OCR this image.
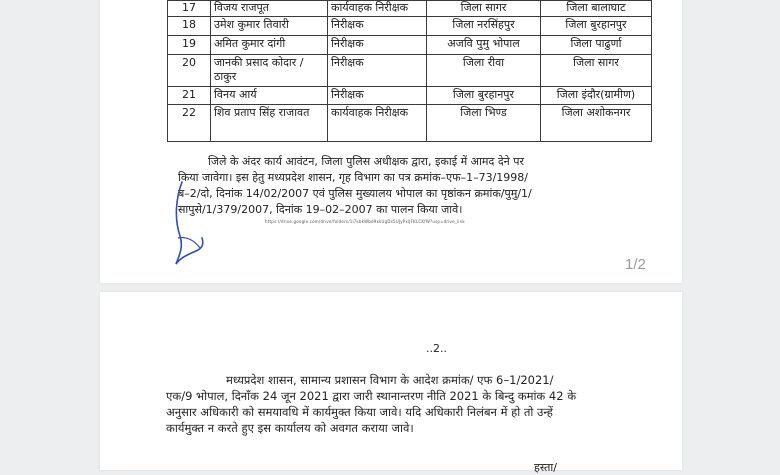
17	विजय राजपूत	कार्यवाहक निरीक्षक	जिला सागर	जिला बालाघाट
18	उमेश कुमार तिवारी	निरीक्षक	जिला नरसिंहपुर	जिला बुरहानपुर
19	अमित कुमार दांगी	निरीक्षक	अजवि पुमु भोपाल	जिला पाढुर्णा
20	जानकी प्रसाद कोदार / ठाकुर	निरीक्षक	जिला रीवा	जिला सागर
21	विनय आर्य	निरीक्षक	जिला बुरहानपुर	जिला इंदौर(ग्रामीण)
22	शिव प्रताप सिंह राजावत	कार्यवाहक निरीक्षक	जिला भिण्ड	जिला अशोकनगर

जिले के अंदर कार्य आवंटन, जिला पुलिस अधीक्षक द्वारा, इकाई में आमद देने पर

किया जावेगा। इस हेतु मध्यप्रदेश शासन, गृह विभाग का पत्र क्रमांक–एफ–1–73/1998/

ब–2/दो, दिनांक 14/02/2007 एवं पुलिस मुख्यालय भोपाल का पृष्ठांकन क्रमांक/पुमु/1/

सापुसे/1/379/2007, दिनांक 19–02–2007 का पालन किया जावे।

https://drive.google.com/drive/folders/1l7sbkWbd9xkUgDs5UJyPxlJFKLCKfW?usp=drive_link
1/2
..2..

मध्यप्रदेश शासन, सामान्य प्रशासन विभाग के आदेश क्रमांक/ एफ 6–1/2021/

एक/9 भोपाल, दिनाँक 24 जून 2021 द्वारा जारी स्थानान्तरण नीति 2021 के बिन्दु कमांक 42 के

अनुसार अधिकारी को समयावधि में कार्यमुक्त किया जावे। यदि अधिकारी निलंबन में हो तो उन्हें

कार्यमुक्त न करते हुए इस कार्यालय को अवगत कराया जावे।

हस्ता/
